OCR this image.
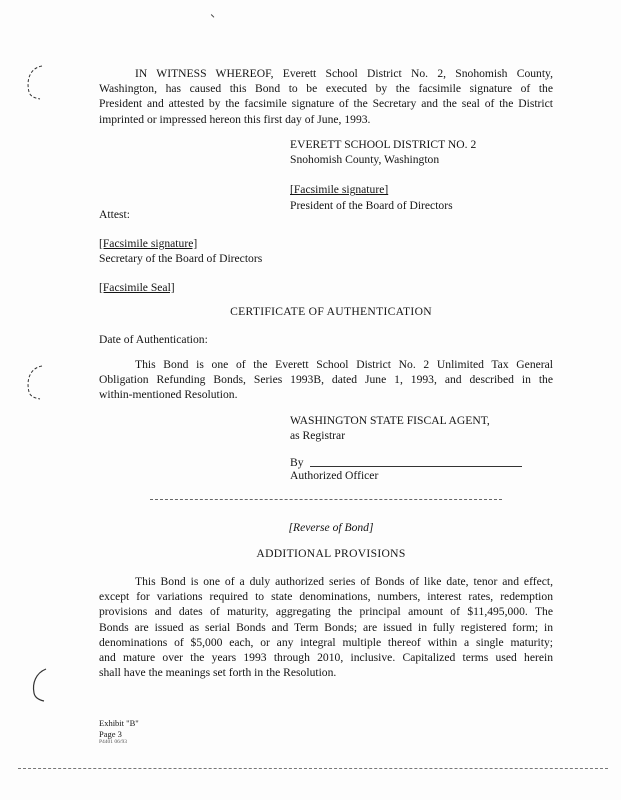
IN WITNESS WHEREOF, Everett School District No. 2, Snohomish County,
Washington, has caused this Bond to be executed by the facsimile signature of the
President and attested by the facsimile signature of the Secretary and the seal of the District
imprinted or impressed hereon this first day of June, 1993.
EVERETT SCHOOL DISTRICT NO. 2
Snohomish County, Washington
[Facsimile signature]
President of the Board of Directors
Attest:
[Facsimile signature]
Secretary of the Board of Directors
[Facsimile Seal]
CERTIFICATE OF AUTHENTICATION
Date of Authentication:
This Bond is one of the Everett School District No. 2 Unlimited Tax General
Obligation Refunding Bonds, Series 1993B, dated June 1, 1993, and described in the
within-mentioned Resolution.
WASHINGTON STATE FISCAL AGENT,
as Registrar
By
Authorized Officer
[Reverse of Bond]
ADDITIONAL PROVISIONS
This Bond is one of a duly authorized series of Bonds of like date, tenor and effect,
except for variations required to state denominations, numbers, interest rates, redemption
provisions and dates of maturity, aggregating the principal amount of $11,495,000. The
Bonds are issued as serial Bonds and Term Bonds; are issued in fully registered form; in
denominations of $5,000 each, or any integral multiple thereof within a single maturity;
and mature over the years 1993 through 2010, inclusive. Capitalized terms used herein
shall have the meanings set forth in the Resolution.
Exhibit "B"
Page 3
P4401 06/93
